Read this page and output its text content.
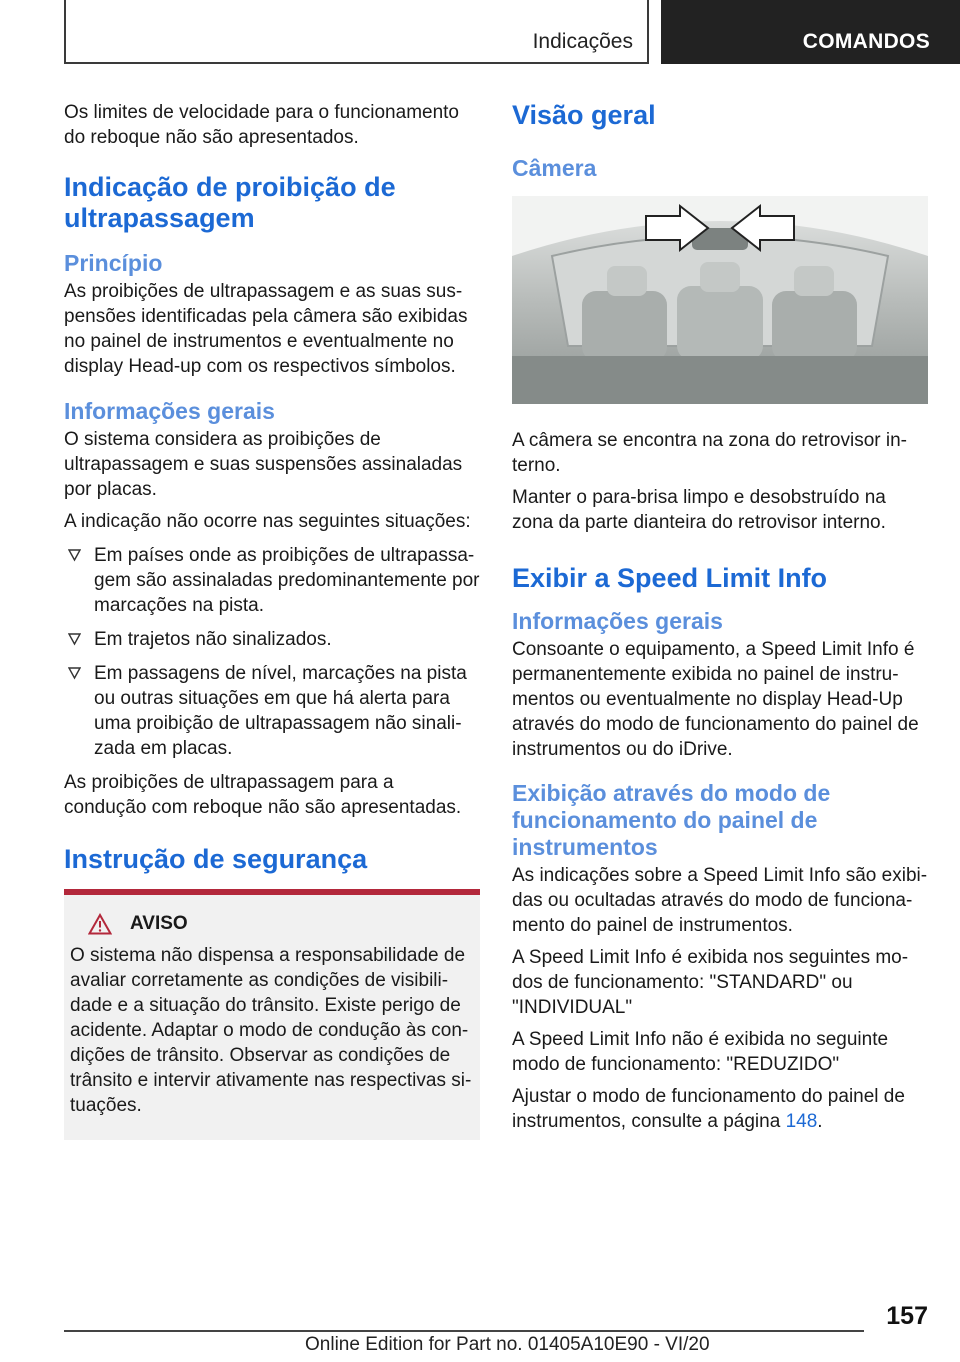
Indicações	COMANDOS

Os limites de velocidade para o funcionamento do reboque não são apresentados.

Indicação de proibição de ultrapassagem
Princípio

As proibições de ultrapassagem e as suas suspensões identificadas pela câmera são exibidas no painel de instrumentos e eventualmente no display Head-up com os respectivos símbolos.

Informações gerais

O sistema considera as proibições de ultrapassagem e suas suspensões assinaladas por placas.

A indicação não ocorre nas seguintes situações:

Em países onde as proibições de ultrapassagem são assinaladas predominantemente por marcações na pista.
Em trajetos não sinalizados.
Em passagens de nível, marcações na pista ou outras situações em que há alerta para uma proibição de ultrapassagem não sinalizada em placas.

As proibições de ultrapassagem para a condução com reboque não são apresentadas.

Instrução de segurança
AVISO

O sistema não dispensa a responsabilidade de avaliar corretamente as condições de visibilidade e a situação do trânsito. Existe perigo de acidente. Adaptar o modo de condução às condições de trânsito. Observar as condições de trânsito e intervir ativamente nas respectivas situações.

Visão geral
Câmera

A câmera se encontra na zona do retrovisor interno.

Manter o para-brisa limpo e desobstruído na zona da parte dianteira do retrovisor interno.

Exibir a Speed Limit Info
Informações gerais

Consoante o equipamento, a Speed Limit Info é permanentemente exibida no painel de instrumentos ou eventualmente no display Head-Up através do modo de funcionamento do painel de instrumentos ou do iDrive.

Exibição através do modo de funcionamento do painel de instrumentos

As indicações sobre a Speed Limit Info são exibidas ou ocultadas através do modo de funcionamento do painel de instrumentos.

A Speed Limit Info é exibida nos seguintes modos de funcionamento: "STANDARD" ou "INDIVIDUAL"

A Speed Limit Info não é exibida no seguinte modo de funcionamento: "REDUZIDO"

Ajustar o modo de funcionamento do painel de instrumentos, consulte a página 148.

157
Online Edition for Part no. 01405A10E90 - VI/20
